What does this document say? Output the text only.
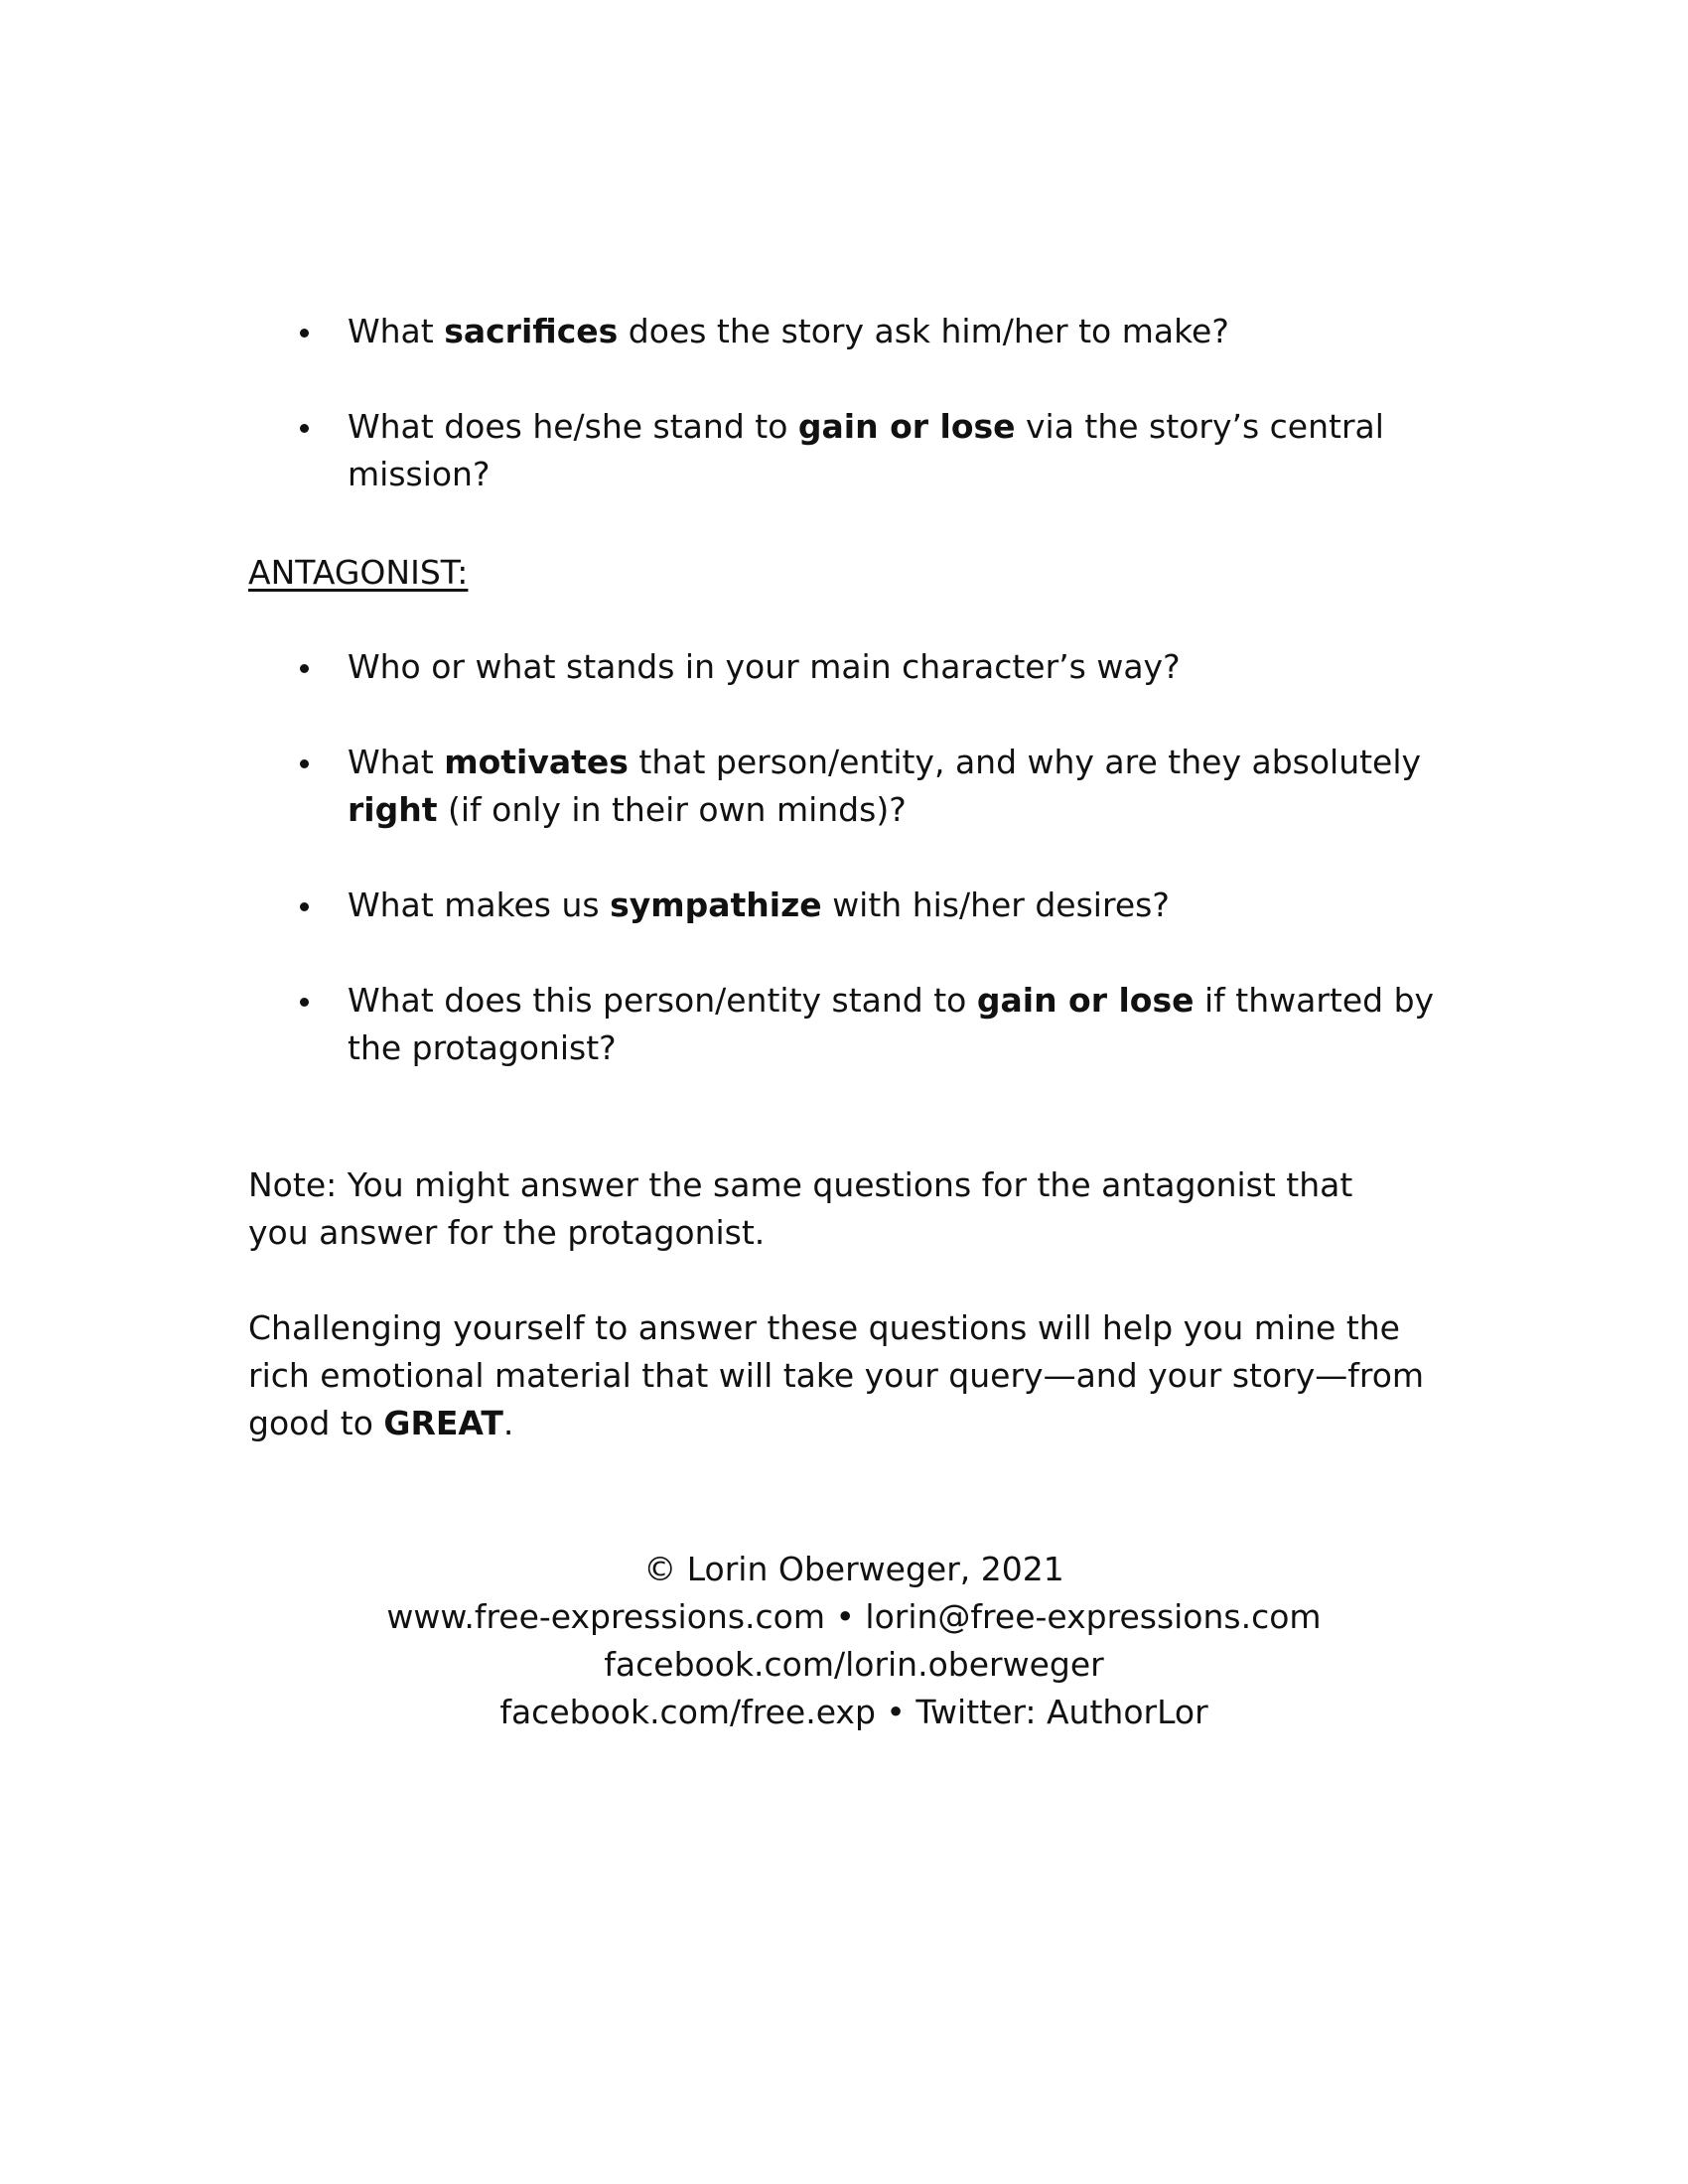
What sacrifices does the story ask him/her to make?
What does he/she stand to gain or lose via the story’s central mission?
ANTAGONIST:
Who or what stands in your main character’s way?
What motivates that person/entity, and why are they absolutely right (if only in their own minds)?
What makes us sympathize with his/her desires?
What does this person/entity stand to gain or lose if thwarted by the protagonist?
Note: You might answer the same questions for the antagonist that you answer for the protagonist.
Challenging yourself to answer these questions will help you mine the rich emotional material that will take your query—and your story—from good to GREAT.
© Lorin Oberweger, 2021
www.free-expressions.com • lorin@free-expressions.com
facebook.com/lorin.oberweger
facebook.com/free.exp • Twitter: AuthorLor
